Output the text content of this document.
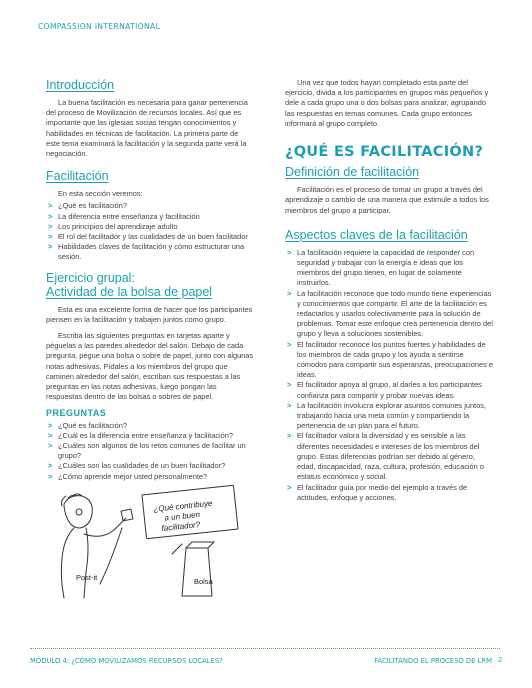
COMPASSION INTERNATIONAL
Introducción

La buena facilitación es necesaria para ganar pertenencia del proceso de Movilización de recursos locales. Así que es importante que las iglesias socias tengan conocimientos y habilidades en técnicas de facilitación. La primera parte de este tema examinará la facilitación y la segunda parte verá la negociación.

Facilitación

En esta sección veremos:

> ¿Qué es facilitación?
> La diferencia entre enseñanza y facilitación
> Los principios del aprendizaje adulto
> El rol del facilitador y las cualidades de un buen facilitador
> Habilidades claves de facilitación y cómo estructurar una sesión.
Ejercicio grupal:
Actividad de la bolsa de papel

Esta es una excelente forma de hacer que los participantes piensen en la facilitación y trabajen juntos como grupo.

Escriba las siguientes preguntas en tarjetas aparte y péguelas a las paredes alrededor del salón. Debajo de cada pregunta, pegue una bolsa o sobre de papel, junto con algunas notas adhesivas. Pídales a los miembros del grupo que caminen alrededor del salón, escriban sus respuestas a las preguntas en las notas adhesivas, luego pongan las respuestas dentro de las bolsas o sobres de papel.

PREGUNTAS
> ¿Qué es facilitación?
> ¿Cuál es la diferencia entre enseñanza y facilitación?
> ¿Cuáles son algunos de los retos comunes de facilitar un grupo?
> ¿Cuáles son las cualidades de un buen facilitador?
> ¿Cómo aprende mejor usted personalmente?
¿Qué contribuye
a un buen
facilitador?
Post-it	Bolsa

Una vez que todos hayan completado esta parte del ejercicio, divida a los participantes en grupos más pequeños y dele a cada grupo una o dos bolsas para analizar, agrupando las respuestas en temas comunes. Cada grupo entonces informará al grupo completo.

¿QUÉ ES FACILITACIÓN?
Definición de facilitación

Facilitación es el proceso de tomar un grupo a través del aprendizaje o cambio de una manera que estimule a todos los miembros del grupo a participar.

Aspectos claves de la facilitación
> La facilitación requiere la capacidad de responder con seguridad y trabajar con la energía e ideas que los miembros del grupo tienen, en lugar de solamente instruirlos.
> La facilitación reconoce que todo mundo tiene experiencias y conocimientos que compartir. El arte de la facilitación es redactarlos y usarlos colectivamente para la solución de problemas. Tomar este enfoque crea pertenencia dentro del grupo y lleva a soluciones sostenibles.
> El facilitador reconoce los puntos fuertes y habilidades de los miembros de cada grupo y los ayuda a sentirse cómodos para compartir sus esperanzas, preocupaciones e ideas.
> El facilitador apoya al grupo, al darles a los participantes confianza para compartir y probar nuevas ideas.
> La facilitación involucra explorar asuntos comunes juntos, trabajando hacia una meta común y compartiendo la pertenencia de un plan para el futuro.
> El facilitador valora la diversidad y es sensible a las diferentes necesidades e intereses de los miembros del grupo. Estas diferencias podrían ser debido al género, edad, discapacidad, raza, cultura, profesión, educación o estatus económico y social.
> El facilitador guía por medio del ejemplo a través de actitudes, enfoque y acciones.
MÓDULO 4: ¿CÓMO MOVILIZAMOS RECURSOS LOCALES?	FACILITANDO EL PROCESO DE LRM 2
